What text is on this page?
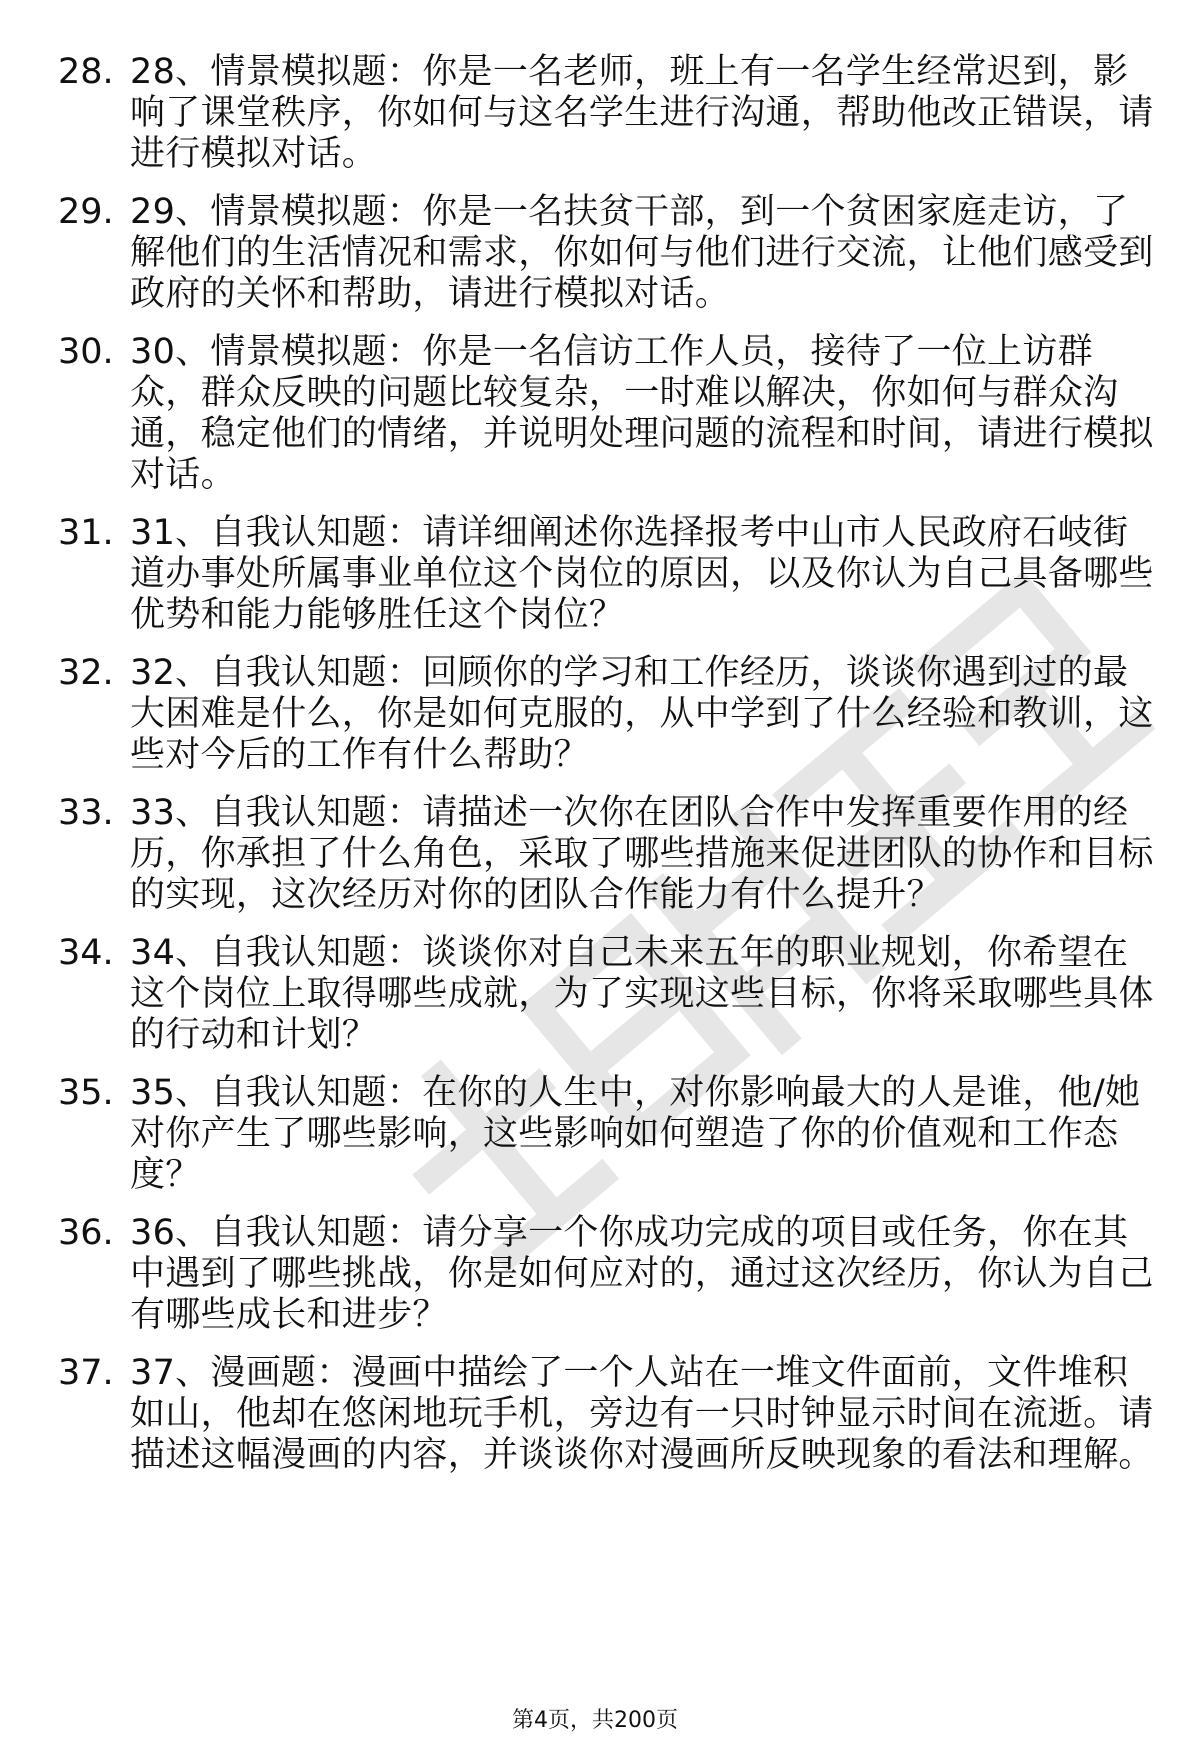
28. 28、情景模拟题：你是一名老师，班上有一名学生经常迟到，影响了课堂秩序，你如何与这名学生进行沟通，帮助他改正错误，请进行模拟对话。
29. 29、情景模拟题：你是一名扶贫干部，到一个贫困家庭走访，了解他们的生活情况和需求，你如何与他们进行交流，让他们感受到政府的关怀和帮助，请进行模拟对话。
30. 30、情景模拟题：你是一名信访工作人员，接待了一位上访群众，群众反映的问题比较复杂，一时难以解决，你如何与群众沟通，稳定他们的情绪，并说明处理问题的流程和时间，请进行模拟对话。
31. 31、自我认知题：请详细阐述你选择报考中山市人民政府石岐街道办事处所属事业单位这个岗位的原因，以及你认为自己具备哪些优势和能力能够胜任这个岗位？
32. 32、自我认知题：回顾你的学习和工作经历，谈谈你遇到过的最大困难是什么，你是如何克服的，从中学到了什么经验和教训，这些对今后的工作有什么帮助？
33. 33、自我认知题：请描述一次你在团队合作中发挥重要作用的经历，你承担了什么角色，采取了哪些措施来促进团队的协作和目标的实现，这次经历对你的团队合作能力有什么提升？
34. 34、自我认知题：谈谈你对自己未来五年的职业规划，你希望在这个岗位上取得哪些成就，为了实现这些目标，你将采取哪些具体的行动和计划？
35. 35、自我认知题：在你的人生中，对你影响最大的人是谁，他/她对你产生了哪些影响，这些影响如何塑造了你的价值观和工作态度？
36. 36、自我认知题：请分享一个你成功完成的项目或任务，你在其中遇到了哪些挑战，你是如何应对的，通过这次经历，你认为自己有哪些成长和进步？
37. 37、漫画题：漫画中描绘了一个人站在一堆文件面前，文件堆积如山，他却在悠闲地玩手机，旁边有一只时钟显示时间在流逝。请描述这幅漫画的内容，并谈谈你对漫画所反映现象的看法和理解。
第4页，共200页
